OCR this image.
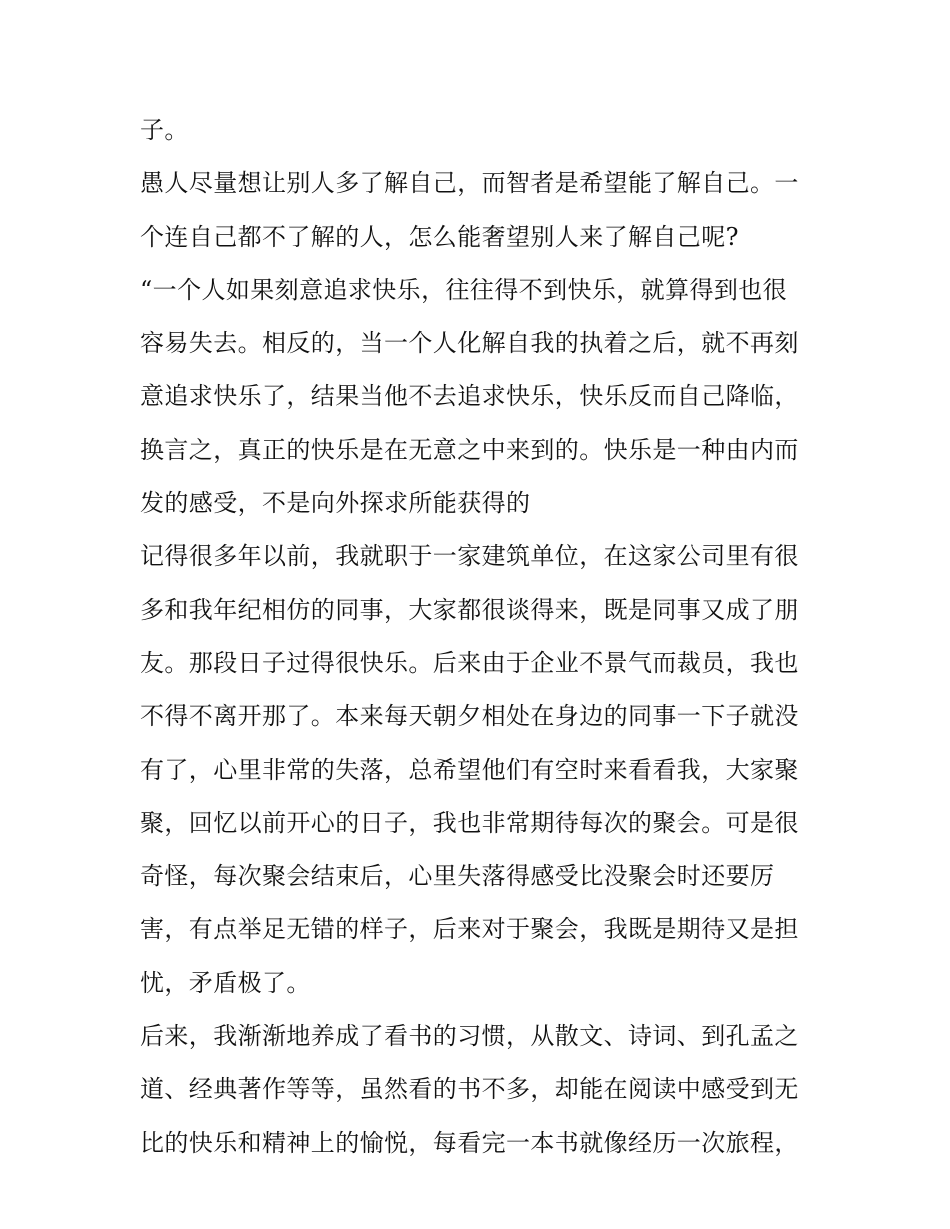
子。

愚人尽量想让别人多了解自己，而智者是希望能了解自己。一
个连自己都不了解的人，怎么能奢望别人来了解自己呢?

“一个人如果刻意追求快乐，往往得不到快乐，就算得到也很
容易失去。相反的，当一个人化解自我的执着之后，就不再刻
意追求快乐了，结果当他不去追求快乐，快乐反而自己降临，
换言之，真正的快乐是在无意之中来到的。快乐是一种由内而
发的感受，不是向外探求所能获得的

记得很多年以前，我就职于一家建筑单位，在这家公司里有很
多和我年纪相仿的同事，大家都很谈得来，既是同事又成了朋
友。那段日子过得很快乐。后来由于企业不景气而裁员，我也
不得不离开那了。本来每天朝夕相处在身边的同事一下子就没
有了，心里非常的失落，总希望他们有空时来看看我，大家聚
聚，回忆以前开心的日子，我也非常期待每次的聚会。可是很
奇怪，每次聚会结束后，心里失落得感受比没聚会时还要厉
害，有点举足无错的样子，后来对于聚会，我既是期待又是担
忧，矛盾极了。

后来，我渐渐地养成了看书的习惯，从散文、诗词、到孔孟之
道、经典著作等等，虽然看的书不多，却能在阅读中感受到无
比的快乐和精神上的愉悦，每看完一本书就像经历一次旅程，
